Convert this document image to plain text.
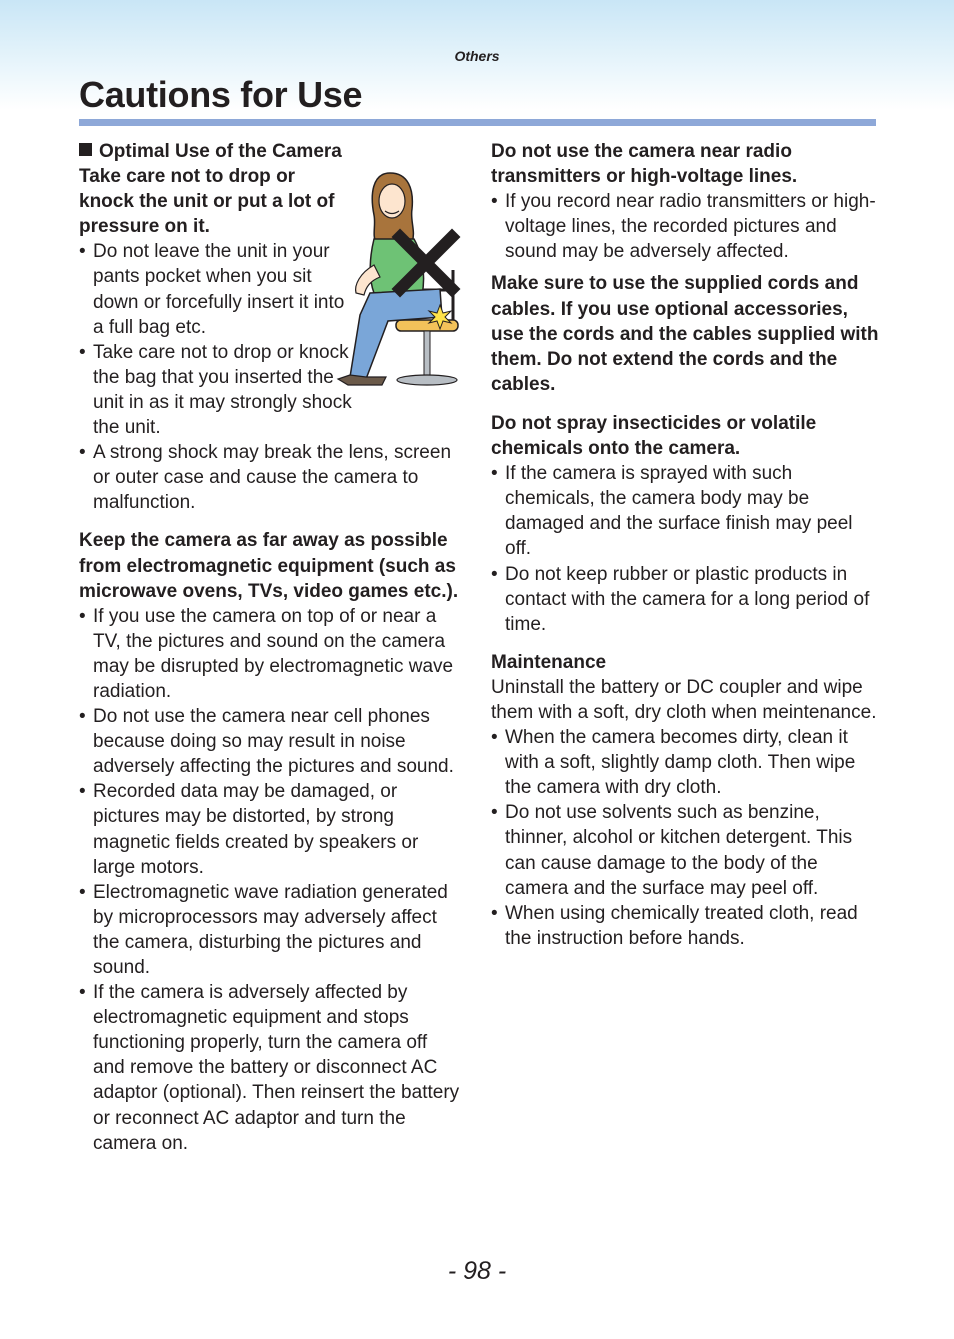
Others
Cautions for Use

Optimal Use of the Camera

Take care not to drop or knock the unit or put a lot of pressure on it.

• Do not leave the unit in your pants pocket when you sit down or forcefully insert it into a full bag etc.
• Take care not to drop or knock the bag that you inserted the unit in as it may strongly shock the unit.
• A strong shock may break the lens, screen or outer case and cause the camera to malfunction.

Keep the camera as far away as possible from electromagnetic equipment (such as microwave ovens, TVs, video games etc.).

• If you use the camera on top of or near a TV, the pictures and sound on the camera may be disrupted by electromagnetic wave radiation.
• Do not use the camera near cell phones because doing so may result in noise adversely affecting the pictures and sound.
• Recorded data may be damaged, or pictures may be distorted, by strong magnetic fields created by speakers or large motors.
• Electromagnetic wave radiation generated by microprocessors may adversely affect the camera, disturbing the pictures and sound.
• If the camera is adversely affected by electromagnetic equipment and stops functioning properly, turn the camera off and remove the battery or disconnect AC adaptor (optional). Then reinsert the battery or reconnect AC adaptor and turn the camera on.

Do not use the camera near radio transmitters or high-voltage lines.

• If you record near radio transmitters or high-voltage lines, the recorded pictures and sound may be adversely affected.

Make sure to use the supplied cords and cables. If you use optional accessories, use the cords and the cables supplied with them. Do not extend the cords and the cables.

Do not spray insecticides or volatile chemicals onto the camera.

• If the camera is sprayed with such chemicals, the camera body may be damaged and the surface finish may peel off.
• Do not keep rubber or plastic products in contact with the camera for a long period of time.

Maintenance

Uninstall the battery or DC coupler and wipe them with a soft, dry cloth when meintenance.

• When the camera becomes dirty, clean it with a soft, slightly damp cloth. Then wipe the camera with dry cloth.
• Do not use solvents such as benzine, thinner, alcohol or kitchen detergent. This can cause damage to the body of the camera and the surface may peel off.
• When using chemically treated cloth, read the instruction before hands.
- 98 -
